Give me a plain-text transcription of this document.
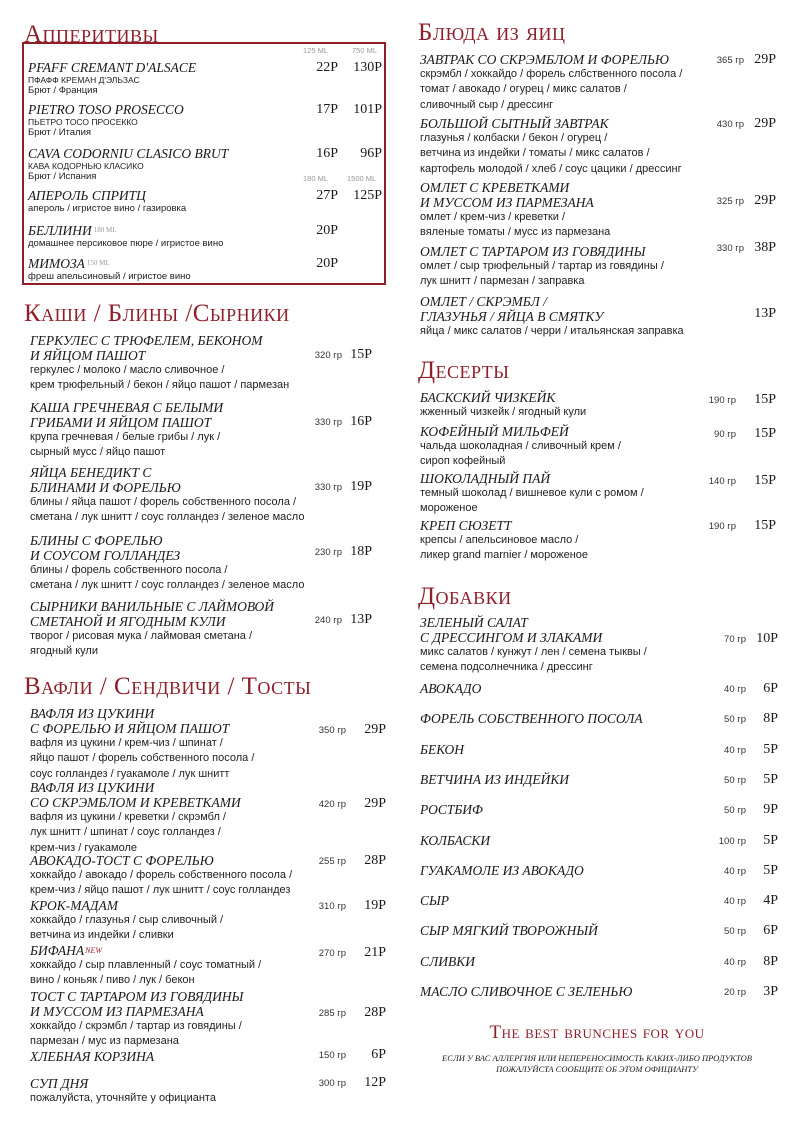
Апперитивы
125 ML	750 ML
PFAFF CREMANT D'ALSACE
ПФАФФ КРЕМАН Д'ЭЛЬЗАС
Брют / Франция
22Р	130Р
PIETRO TOSO PROSECCO
ПЬЕТРО ТОСО ПРОСЕККО
Брют / Италия
17Р	101Р
CAVA CODORNIU CLASICO BRUT
КАВА КОДОРНЬЮ КЛАСИКО
Брют / Испания
16Р	96Р
180 ML	1500 ML
АПЕРОЛЬ СПРИТЦ
апероль / игристое вино / газировка
27Р	125Р
БЕЛЛИНИ $^{180 ML}$
домашнее персиковое пюре / игристое вино
20Р
МИМОЗА $^{150 ML}$
фреш апельсиновый / игристое вино
20Р
Каши / Блины /Сырники
ГЕРКУЛЕС С ТРЮФЕЛЕМ, БЕКОНОМ
И ЯЙЦОМ ПАШОТ
геркулес / молоко / масло сливочное /
крем трюфельный / бекон / яйцо пашот / пармезан
320 гр 15Р
КАША ГРЕЧНЕВАЯ С БЕЛЫМИ
ГРИБАМИ И ЯЙЦОМ ПАШОТ
крупа гречневая / белые грибы / лук /
сырный мусс / яйцо пашот
330 гр 16Р
ЯЙЦА БЕНЕДИКТ С
БЛИНАМИ И ФОРЕЛЬЮ
блины / яйца пашот / форель собственного посола /
сметана / лук шнитт / соус голландез / зеленое масло
330 гр 19Р
БЛИНЫ С ФОРЕЛЬЮ
И СОУСОМ ГОЛЛАНДЕЗ
блины / форель собственного посола /
сметана / лук шнитт / соус голландез / зеленое масло
230 гр 18Р
СЫРНИКИ ВАНИЛЬНЫЕ С ЛАЙМОВОЙ
СМЕТАНОЙ И ЯГОДНЫМ КУЛИ
творог / рисовая мука / лаймовая сметана /
ягодный кули
240 гр 13Р
Вафли / Сендвичи / Тосты
ВАФЛЯ ИЗ ЦУКИНИ
С ФОРЕЛЬЮ И ЯЙЦОМ ПАШОТ
вафля из цукини / крем-чиз / шпинат /
яйцо пашот / форель собственного посола /
соус голландез / гуакамоле / лук шнитт
350 гр	29Р
ВАФЛЯ ИЗ ЦУКИНИ
СО СКРЭМБЛОМ И КРЕВЕТКАМИ
вафля из цукини / креветки / скрэмбл /
лук шнитт / шпинат / соус голландез /
крем-чиз / гуакамоле
420 гр	29Р
АВОКАДО-ТОСТ С ФОРЕЛЬЮ
хоккайдо / авокадо / форель собственного посола /
крем-чиз / яйцо пашот / лук шнитт / соус голландез
255 гр	28Р
КРОК-МАДАМ
хоккайдо / глазунья / сыр сливочный /
ветчина из индейки / сливки
310 гр	19Р
$БИФАНА^{NEW}$
хоккайдо / сыр плавленный / соус томатный /
вино / коньяк / пиво / лук / бекон
270 гр	21Р
ТОСТ С ТАРТАРОМ ИЗ ГОВЯДИНЫ
И МУССОМ ИЗ ПАРМЕЗАНА
хоккайдо / скрэмбл / тартар из говядины /
пармезан / мус из пармезана
285 гр	28Р
ХЛЕБНАЯ КОРЗИНА	150 гр	6Р
СУП ДНЯ
пожалуйста, уточняйте у официанта
300 гр	12Р
Блюда из яиц
ЗАВТРАК СО СКРЭМБЛОМ И ФОРЕЛЬЮ
скрэмбл / хоккайдо / форель слбственного посола /
томат / авокадо / огурец / микс салатов /
сливочный сыр / дрессинг
365 гр 29Р
БОЛЬШОЙ СЫТНЫЙ ЗАВТРАК
глазунья / колбаски / бекон / огурец /
ветчина из индейки / томаты / микс салатов /
картофель молодой / хлеб / соус цацики / дрессинг
430 гр 29Р
ОМЛЕТ С КРЕВЕТКАМИ
И МУССОМ ИЗ ПАРМЕЗАНА
омлет / крем-чиз / креветки /
вяленые томаты / мусс из пармезана
325 гр 29Р
ОМЛЕТ С ТАРТАРОМ ИЗ ГОВЯДИНЫ
омлет / сыр трюфельный / тартар из говядины /
лук шнитт / пармезан / заправка
330 гр 38Р
ОМЛЕТ / СКРЭМБЛ /
ГЛАЗУНЬЯ / ЯЙЦА В СМЯТКУ
яйца / микс салатов / черри / итальянская заправка
13Р
Десерты
БАСКСКИЙ ЧИЗКЕЙК
жженный чизкейк / ягодный кули
190 гр	15Р
КОФЕЙНЫЙ МИЛЬФЕЙ
чальда шоколадная / сливочный крем /
сироп кофейный
90 гр	15Р
ШОКОЛАДНЫЙ ПАЙ
темный шоколад / вишневое кули с ромом /
мороженое
140 гр	15Р
КРЕП СЮЗЕТТ
крепсы / апельсиновое масло /
ликер grand marnier / мороженое
190 гр	15Р
Добавки
ЗЕЛЕНЫЙ САЛАТ
С ДРЕССИНГОМ И ЗЛАКАМИ
микс салатов / кунжут / лен / семена тыквы /
семена подсолнечника / дрессинг
70 гр 10Р
АВОКАДО	40 гр	6Р
ФОРЕЛЬ СОБСТВЕННОГО ПОСОЛА	50 гр	8Р
БЕКОН	40 гр	5Р
ВЕТЧИНА ИЗ ИНДЕЙКИ	50 гр	5Р
РОСТБИФ	50 гр	9Р
КОЛБАСКИ	100 гр	5Р
ГУАКАМОЛЕ ИЗ АВОКАДО	40 гр	5Р
СЫР	40 гр	4Р
СЫР МЯГКИЙ ТВОРОЖНЫЙ	50 гр	6Р
СЛИВКИ	40 гр	8Р
МАСЛО СЛИВОЧНОЕ С ЗЕЛЕНЬЮ	20 гр	3Р
The best brunches for you
ЕСЛИ У ВАС АЛЛЕРГИЯ ИЛИ НЕПЕРЕНОСИМОСТЬ КАКИХ-ЛИБО ПРОДУКТОВ
ПОЖАЛУЙСТА СООБЩИТЕ ОБ ЭТОМ ОФИЦИАНТУ
